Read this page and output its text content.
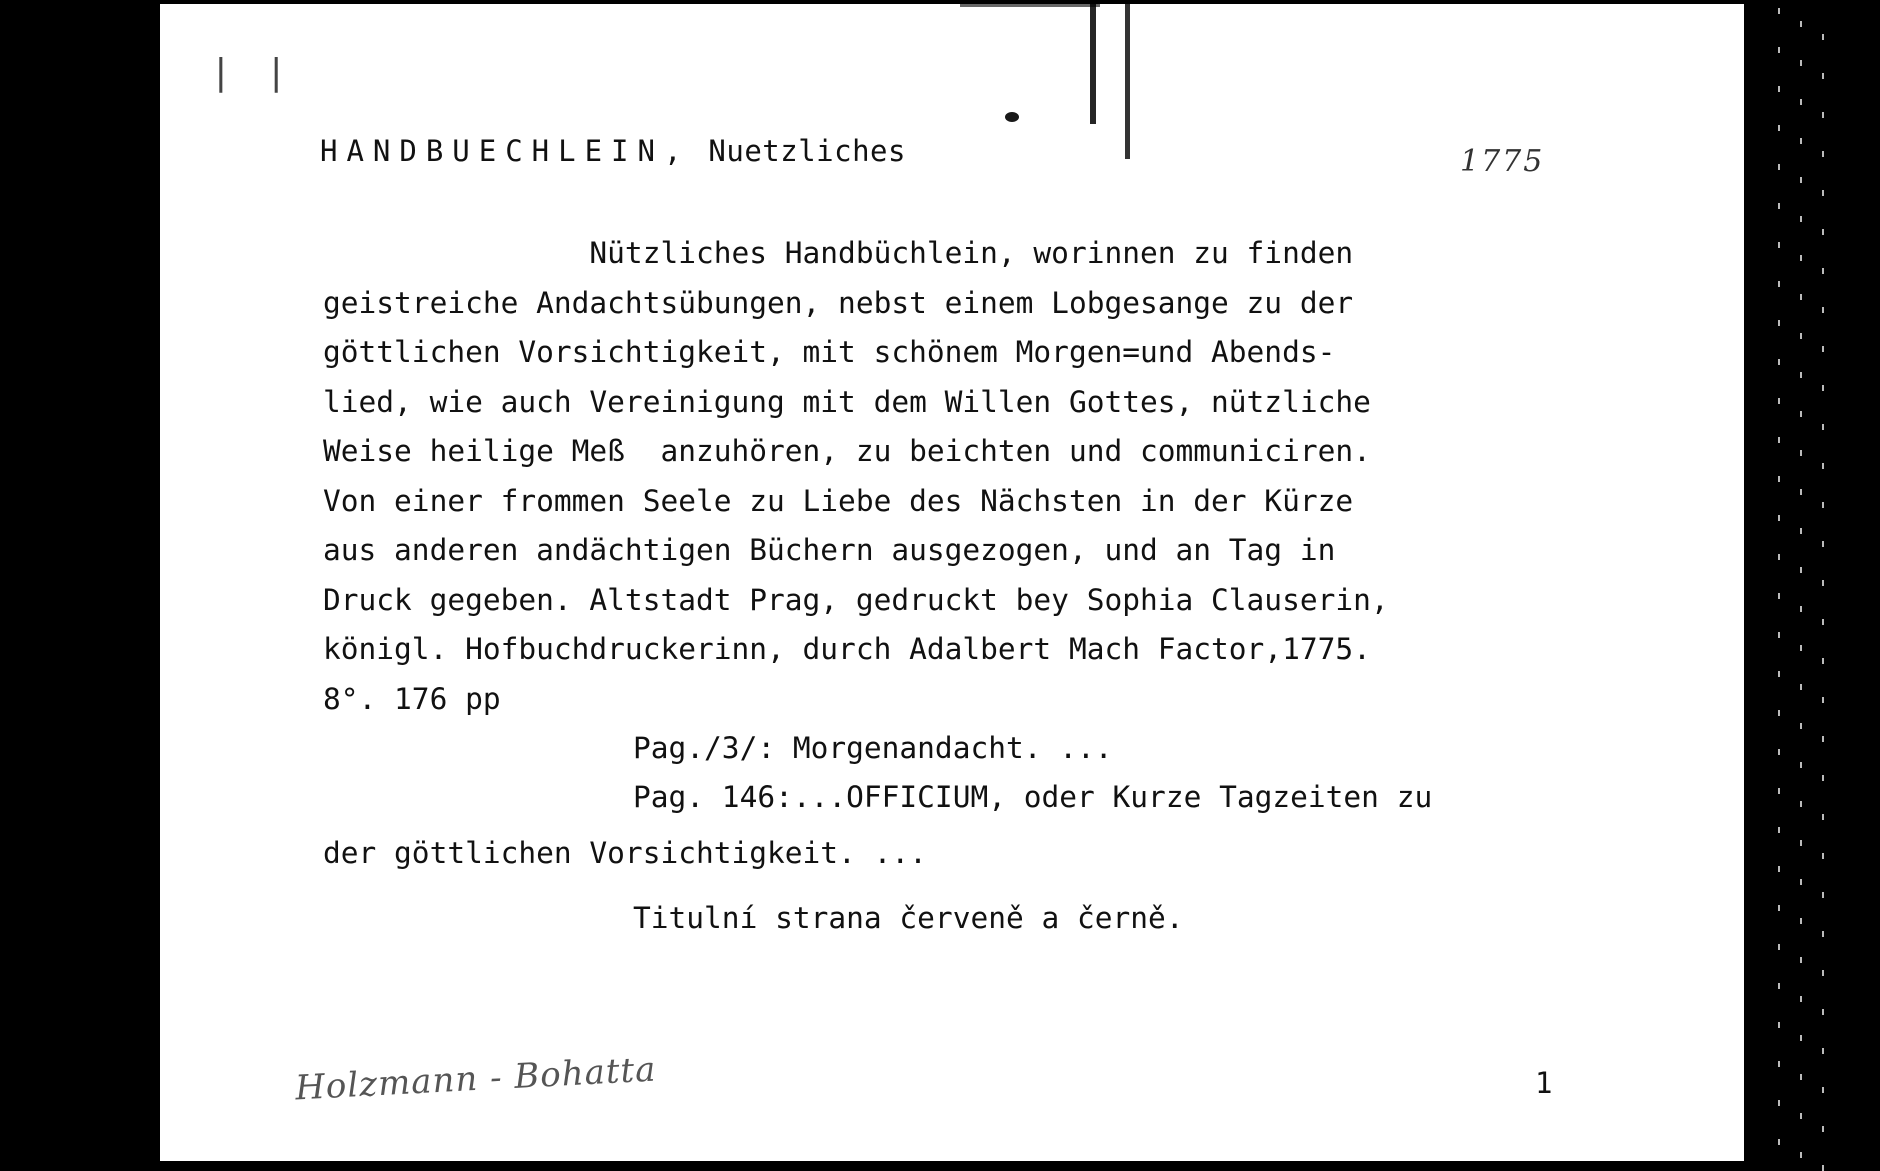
| |
HANDBUECHLEIN, Nuetzliches	1775
Nützliches Handbüchlein, worinnen zu finden
geistreiche Andachtsübungen, nebst einem Lobgesange zu der
göttlichen Vorsichtigkeit, mit schönem Morgen=und Abends-
lied, wie auch Vereinigung mit dem Willen Gottes, nützliche
Weise heilige Meß  anzuhören, zu beichten und communiciren.
Von einer frommen Seele zu Liebe des Nächsten in der Kürze
aus anderen andächtigen Büchern ausgezogen, und an Tag in
Druck gegeben. Altstadt Prag, gedruckt bey Sophia Clauserin,
königl. Hofbuchdruckerinn, durch Adalbert Mach Factor,1775.
8°. 176 pp
Pag./3/: Morgenandacht. ...
Pag. 146:...OFFICIUM, oder Kurze Tagzeiten zu
der göttlichen Vorsichtigkeit. ...
Titulní strana červeně a černě.
Holzmann - Bohatta	1
